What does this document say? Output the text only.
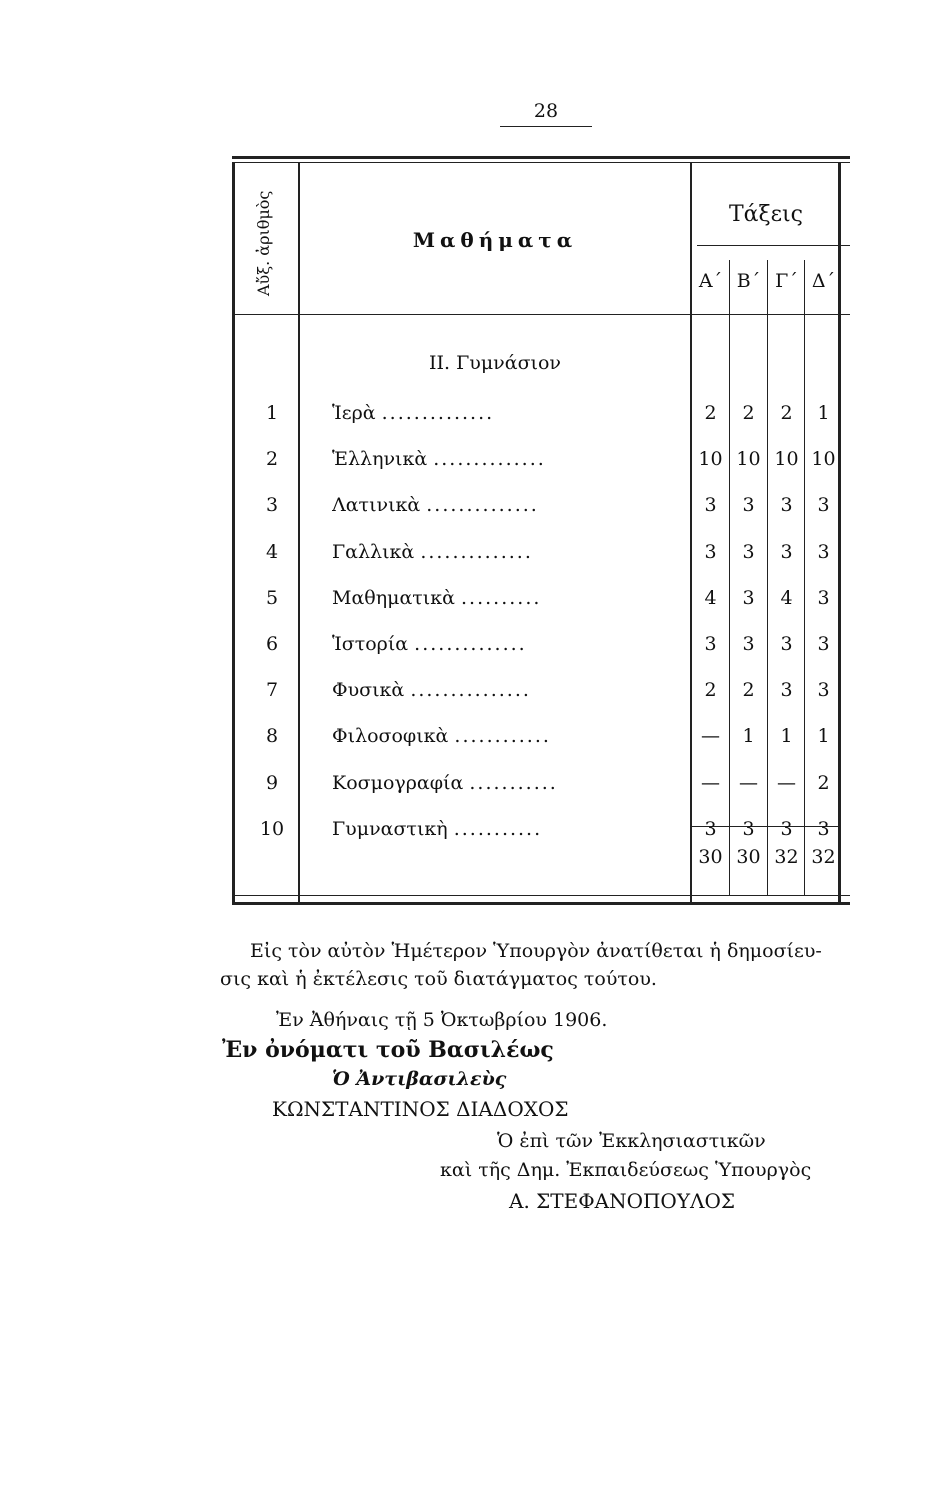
28
Αὔξ. ἀριθμὸς	Μαθήματα
Τάξεις
Α΄ Β΄ Γ΄ Δ΄
ΙΙ. Γυμνάσιον
1	Ἱερὰ ..............	2	2	2	1
2	Ἑλληνικὰ ..............	10 10 10 10
3	Λατινικὰ ..............	3	3	3	3
4	Γαλλικὰ ..............	3	3	3	3
5	Μαθηματικὰ ..........	4	3	4	3
6	Ἱστορία ..............	3	3	3	3
7	Φυσικὰ ...............	2	2	3	3
8	Φιλοσοφικὰ ............	—	1	1	1
9	Κοσμογραφία ...........	—	—	—	2
10	Γυμναστικὴ ...........	3	3	3	3
30 30 32 32
Εἰς τὸν αὐτὸν Ἡμέτερον Ὑπουργὸν ἀνατίθεται ἡ δημοσίευ-
σις καὶ ἡ ἐκτέλεσις τοῦ διατάγματος τούτου.
Ἐν Ἀθήναις τῇ 5 Ὀκτωβρίου 1906.
Ἐν ὀνόματι τοῦ Βασιλέως
Ὁ Ἀντιβασιλεὺς
ΚΩΝΣΤΑΝΤΙΝΟΣ ΔΙΑΔΟΧΟΣ
Ὁ ἐπὶ τῶν Ἐκκλησιαστικῶν
καὶ τῆς Δημ. Ἐκπαιδεύσεως Ὑπουργὸς
Α. ΣΤΕΦΑΝΟΠΟΥΛΟΣ
